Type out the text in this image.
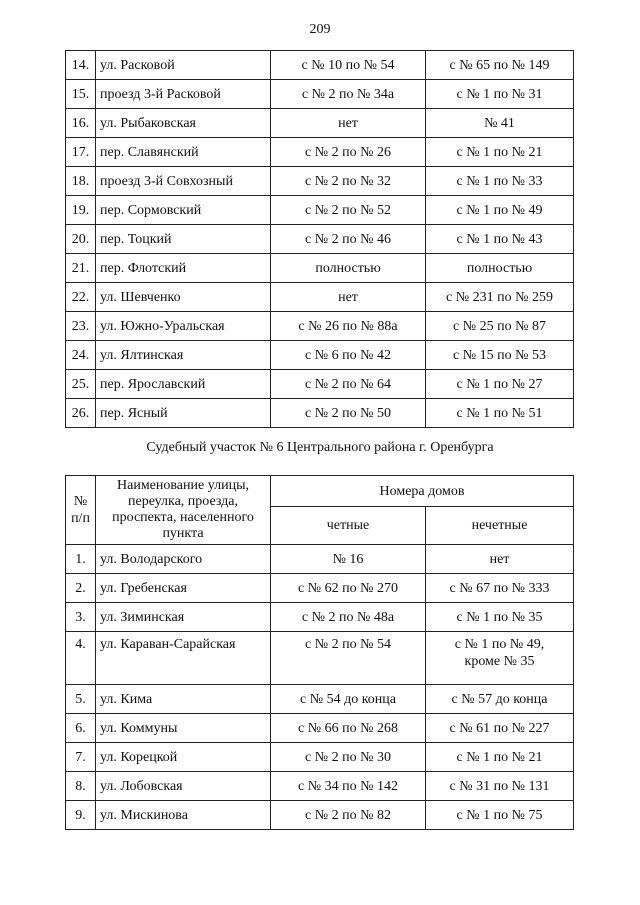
209
14.	ул. Расковой	с № 10 по № 54	с № 65 по № 149
15.	проезд 3-й Расковой	с № 2 по № 34а	с № 1 по № 31
16.	ул. Рыбаковская	нет	№ 41
17.	пер. Славянский	с № 2 по № 26	с № 1 по № 21
18.	проезд 3-й Совхозный	с № 2 по № 32	с № 1 по № 33
19.	пер. Сормовский	с № 2 по № 52	с № 1 по № 49
20.	пер. Тоцкий	с № 2 по № 46	с № 1 по № 43
21.	пер. Флотский	полностью	полностью
22.	ул. Шевченко	нет	с № 231 по № 259
23.	ул. Южно-Уральская	с № 26 по № 88а	с № 25 по № 87
24.	ул. Ялтинская	с № 6 по № 42	с № 15 по № 53
25.	пер. Ярославский	с № 2 по № 64	с № 1 по № 27
26.	пер. Ясный	с № 2 по № 50	с № 1 по № 51
Судебный участок № 6 Центрального района г. Оренбурга
№ п/п	Наименование улицы, переулка, проезда, проспекта, населенного пункта	Номера домов	
		четные	нечетные
1.	ул. Володарского	№ 16	нет
2.	ул. Гребенская	с № 62 по № 270	с № 67 по № 333
3.	ул. Зиминская	с № 2 по № 48а	с № 1 по № 35
4.	ул. Караван-Сарайская	с № 2 по № 54	с № 1 по № 49,
кроме № 35

5.	ул. Кима	с № 54 до конца	с № 57 до конца
6.	ул. Коммуны	с № 66 по № 268	с № 61 по № 227
7.	ул. Корецкой	с № 2 по № 30	с № 1 по № 21
8.	ул. Лобовская	с № 34 по № 142	с № 31 по № 131
9.	ул. Мискинова	с № 2 по № 82	с № 1 по № 75
